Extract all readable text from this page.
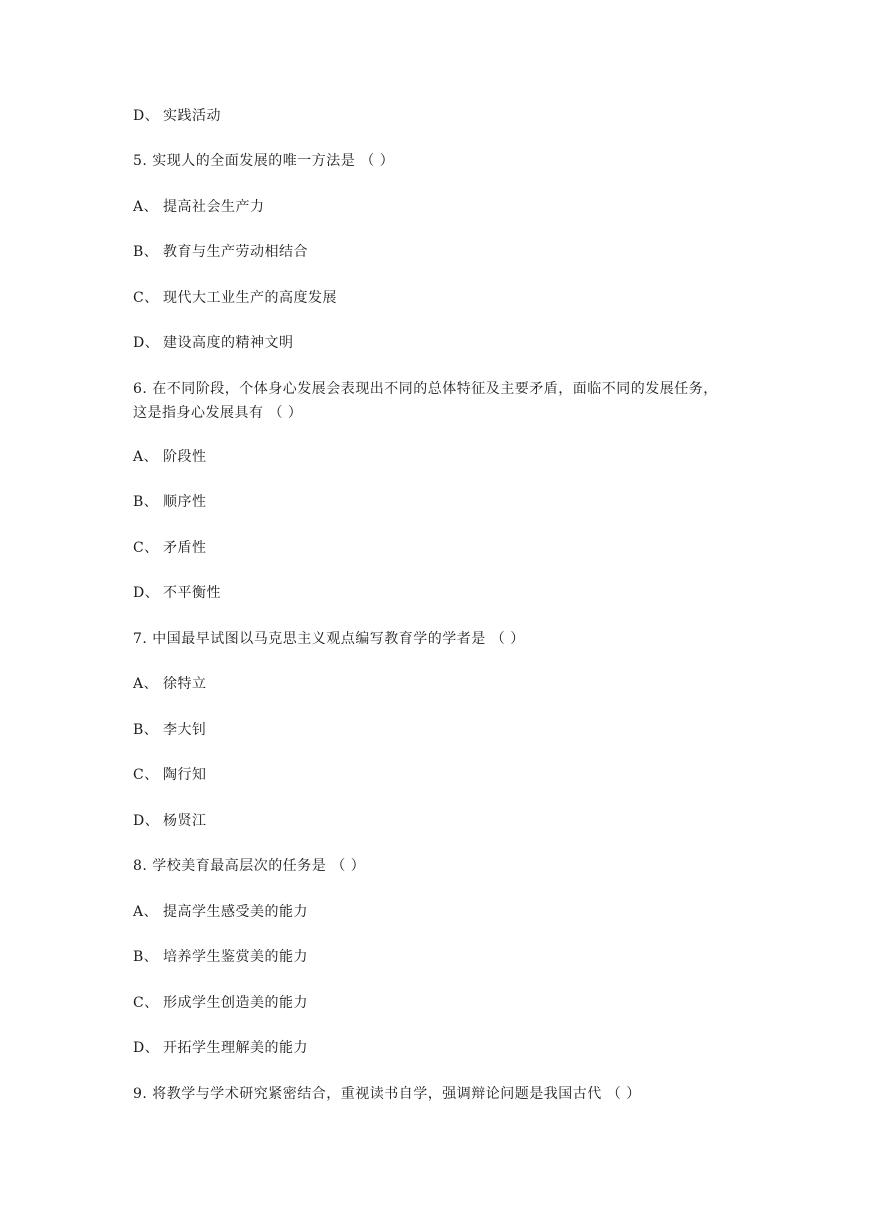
D、 实践活动
5. 实现人的全面发展的唯一方法是 （ ）
A、 提高社会生产力
B、 教育与生产劳动相结合
C、 现代大工业生产的高度发展
D、 建设高度的精神文明
6. 在不同阶段，个体身心发展会表现出不同的总体特征及主要矛盾，面临不同的发展任务，
这是指身心发展具有 （ ）
A、 阶段性
B、 顺序性
C、 矛盾性
D、 不平衡性
7. 中国最早试图以马克思主义观点编写教育学的学者是 （ ）
A、 徐特立
B、 李大钊
C、 陶行知
D、 杨贤江
8. 学校美育最高层次的任务是 （ ）
A、 提高学生感受美的能力
B、 培养学生鉴赏美的能力
C、 形成学生创造美的能力
D、 开拓学生理解美的能力
9. 将教学与学术研究紧密结合，重视读书自学，强调辩论问题是我国古代 （ ）
